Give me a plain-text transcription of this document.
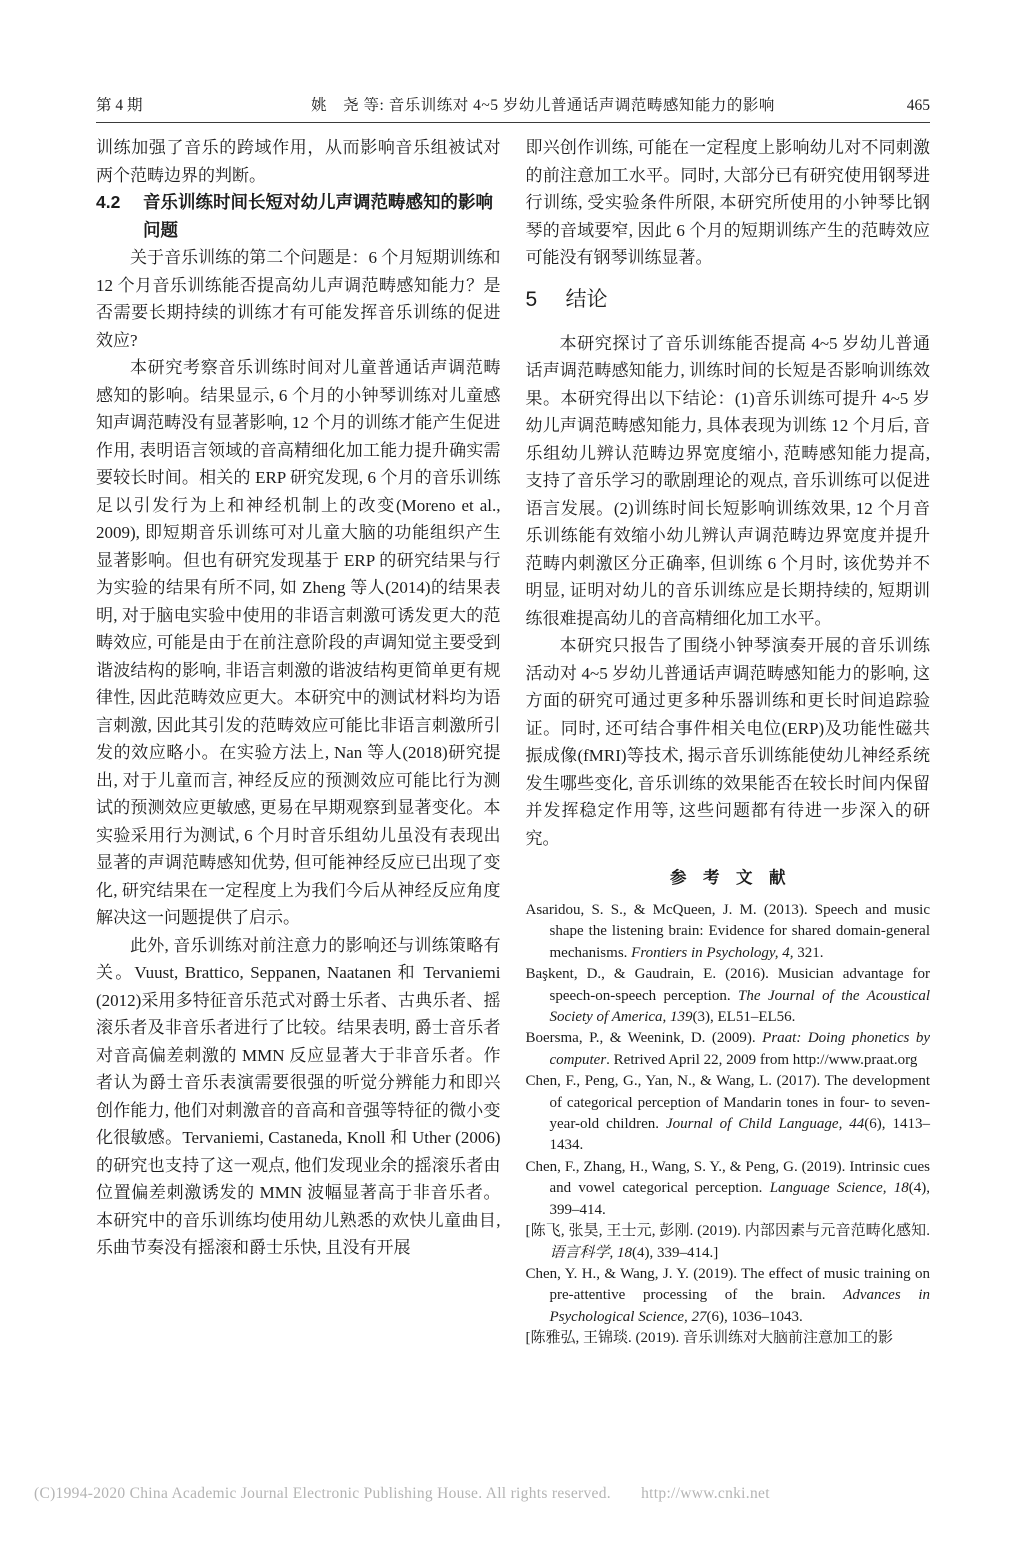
第 4 期	姚　尧 等: 音乐训练对 4~5 岁幼儿普通话声调范畴感知能力的影响	465

训练加强了音乐的跨域作用，从而影响音乐组被试对两个范畴边界的判断。

4.2	音乐训练时间长短对幼儿声调范畴感知的影响问题

关于音乐训练的第二个问题是：6 个月短期训练和 12 个月音乐训练能否提高幼儿声调范畴感知能力？是否需要长期持续的训练才有可能发挥音乐训练的促进效应?

本研究考察音乐训练时间对儿童普通话声调范畴感知的影响。结果显示, 6 个月的小钟琴训练对儿童感知声调范畴没有显著影响, 12 个月的训练才能产生促进作用, 表明语言领域的音高精细化加工能力提升确实需要较长时间。相关的 ERP 研究发现, 6 个月的音乐训练足以引发行为上和神经机制上的改变(Moreno et al., 2009), 即短期音乐训练可对儿童大脑的功能组织产生显著影响。但也有研究发现基于 ERP 的研究结果与行为实验的结果有所不同, 如 Zheng 等人(2014)的结果表明, 对于脑电实验中使用的非语言刺激可诱发更大的范畴效应, 可能是由于在前注意阶段的声调知觉主要受到谐波结构的影响, 非语言刺激的谐波结构更简单更有规律性, 因此范畴效应更大。本研究中的测试材料均为语言刺激, 因此其引发的范畴效应可能比非语言刺激所引发的效应略小。在实验方法上, Nan 等人(2018)研究提出, 对于儿童而言, 神经反应的预测效应可能比行为测试的预测效应更敏感, 更易在早期观察到显著变化。本实验采用行为测试, 6 个月时音乐组幼儿虽没有表现出显著的声调范畴感知优势, 但可能神经反应已出现了变化, 研究结果在一定程度上为我们今后从神经反应角度解决这一问题提供了启示。

此外, 音乐训练对前注意力的影响还与训练策略有关。Vuust, Brattico, Seppanen, Naatanen 和 Tervaniemi (2012)采用多特征音乐范式对爵士乐者、古典乐者、摇滚乐者及非音乐者进行了比较。结果表明, 爵士音乐者对音高偏差刺激的 MMN 反应显著大于非音乐者。作者认为爵士音乐表演需要很强的听觉分辨能力和即兴创作能力, 他们对刺激音的音高和音强等特征的微小变化很敏感。Tervaniemi, Castaneda, Knoll 和 Uther (2006)的研究也支持了这一观点, 他们发现业余的摇滚乐者由位置偏差刺激诱发的 MMN 波幅显著高于非音乐者。本研究中的音乐训练均使用幼儿熟悉的欢快儿童曲目, 乐曲节奏没有摇滚和爵士乐快, 且没有开展

即兴创作训练, 可能在一定程度上影响幼儿对不同刺激的前注意加工水平。同时, 大部分已有研究使用钢琴进行训练, 受实验条件所限, 本研究所使用的小钟琴比钢琴的音域要窄, 因此 6 个月的短期训练产生的范畴效应可能没有钢琴训练显著。

5	结论

本研究探讨了音乐训练能否提高 4~5 岁幼儿普通话声调范畴感知能力, 训练时间的长短是否影响训练效果。本研究得出以下结论：(1)音乐训练可提升 4~5 岁幼儿声调范畴感知能力, 具体表现为训练 12 个月后, 音乐组幼儿辨认范畴边界宽度缩小, 范畴感知能力提高, 支持了音乐学习的歌剧理论的观点, 音乐训练可以促进语言发展。(2)训练时间长短影响训练效果, 12 个月音乐训练能有效缩小幼儿辨认声调范畴边界宽度并提升范畴内刺激区分正确率, 但训练 6 个月时, 该优势并不明显, 证明对幼儿的音乐训练应是长期持续的, 短期训练很难提高幼儿的音高精细化加工水平。

本研究只报告了围绕小钟琴演奏开展的音乐训练活动对 4~5 岁幼儿普通话声调范畴感知能力的影响, 这方面的研究可通过更多种乐器训练和更长时间追踪验证。同时, 还可结合事件相关电位(ERP)及功能性磁共振成像(fMRI)等技术, 揭示音乐训练能使幼儿神经系统发生哪些变化, 音乐训练的效果能否在较长时间内保留并发挥稳定作用等, 这些问题都有待进一步深入的研究。

参　考　文　献

Asaridou, S. S., & McQueen, J. M. (2013). Speech and music shape the listening brain: Evidence for shared domain-general mechanisms. Frontiers in Psychology, 4, 321.

Başkent, D., & Gaudrain, E. (2016). Musician advantage for speech-on-speech perception. The Journal of the Acoustical Society of America, 139(3), EL51–EL56.

Boersma, P., & Weenink, D. (2009). Praat: Doing phonetics by computer. Retrived April 22, 2009 from http://www.praat.org

Chen, F., Peng, G., Yan, N., & Wang, L. (2017). The development of categorical perception of Mandarin tones in four- to seven-year-old children. Journal of Child Language, 44(6), 1413–1434.

Chen, F., Zhang, H., Wang, S. Y., & Peng, G. (2019). Intrinsic cues and vowel categorical perception. Language Science, 18(4), 399–414.

[陈飞, 张昊, 王士元, 彭刚. (2019). 内部因素与元音范畴化感知. 语言科学, 18(4), 339–414.]

Chen, Y. H., & Wang, J. Y. (2019). The effect of music training on pre-attentive processing of the brain. Advances in Psychological Science, 27(6), 1036–1043.

[陈雅弘, 王锦琰. (2019). 音乐训练对大脑前注意加工的影

(C)1994-2020 China Academic Journal Electronic Publishing House. All rights reserved. http://www.cnki.net
